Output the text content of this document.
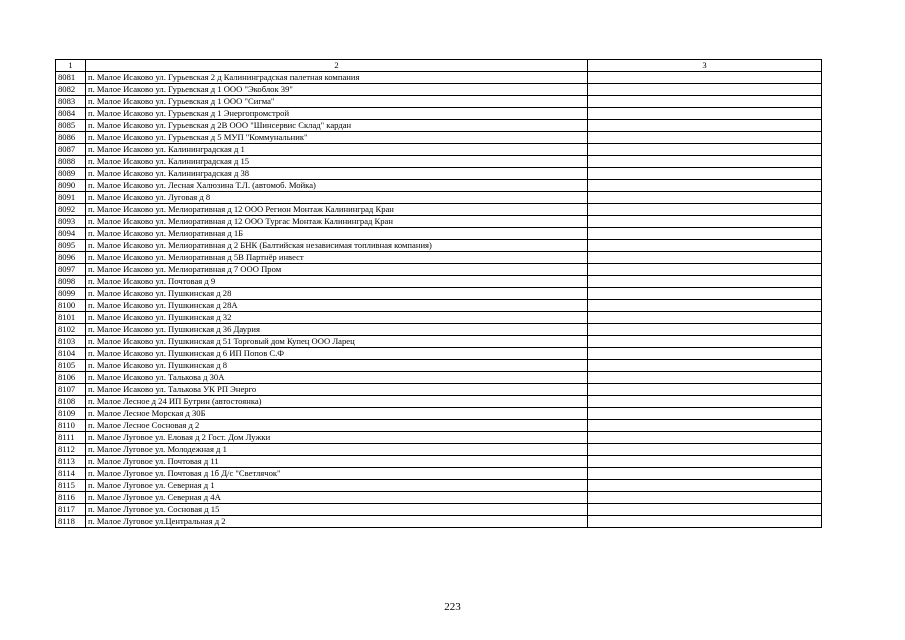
1	2	3
8081	п. Малое Исаково ул. Гурьевская 2 д Калининградская палетная компания	
8082	п. Малое Исаково ул. Гурьевская д 1 ООО "Экоблок 39"	
8083	п. Малое Исаково ул. Гурьевская д 1 ООО "Сигма"	
8084	п. Малое Исаково ул. Гурьевская д 1 Энергопромстрой	
8085	п. Малое Исаково ул. Гурьевская д 2В ООО "Шинсервис Склад" кардан	
8086	п. Малое Исаково ул. Гурьевская д 5 МУП "Коммунальник"	
8087	п. Малое Исаково ул. Калининградская д 1	
8088	п. Малое Исаково ул. Калининградская д 15	
8089	п. Малое Исаково ул. Калининградская д 38	
8090	п. Малое Исаково ул. Лесная Халюзина Т.Л. (автомоб. Мойка)	
8091	п. Малое Исаково ул. Луговая д 8	
8092	п. Малое Исаково ул. Мелиоративная д 12 ООО Регион Монтаж Калининград Кран	
8093	п. Малое Исаково ул. Мелиоративная д 12 ООО Тургас Монтаж Калининград Кран	
8094	п. Малое Исаково ул. Мелиоративная д 1Б	
8095	п. Малое Исаково ул. Мелиоративная д 2 БНК (Балтийская независимая топливная компания)	
8096	п. Малое Исаково ул. Мелиоративная д 5В Партнёр инвест	
8097	п. Малое Исаково ул. Мелиоративная д 7 ООО Пром	
8098	п. Малое Исаково ул. Почтовая д 9	
8099	п. Малое Исаково ул. Пушкинская д 28	
8100	п. Малое Исаково ул. Пушкинская д 28А	
8101	п. Малое Исаково ул. Пушкинская д 32	
8102	п. Малое Исаково ул. Пушкинская д 36 Даурия	
8103	п. Малое Исаково ул. Пушкинская д 51 Торговый дом Купец ООО Ларец	
8104	п. Малое Исаково ул. Пушкинская д 6 ИП Попов С.Ф	
8105	п. Малое Исаково ул. Пушкинская д 8	
8106	п. Малое Исаково ул. Талькова д 30А	
8107	п. Малое Исаково ул. Талькова УК РП Энерго	
8108	п. Малое Лесное д 24 ИП Бутрин (автостоянка)	
8109	п. Малое Лесное Морская д 30Б	
8110	п. Малое Лесное Сосновая д 2	
8111	п. Малое Луговое ул. Еловая д 2 Гост. Дом Лужки	
8112	п. Малое Луговое ул. Молодежная д 1	
8113	п. Малое Луговое ул. Почтовая д 11	
8114	п. Малое Луговое ул. Почтовая д 1б Д/с "Светлячок"	
8115	п. Малое Луговое ул. Северная д 1	
8116	п. Малое Луговое ул. Северная д 4А	
8117	п. Малое Луговое ул. Сосновая д 15	
8118	п. Малое Луговое ул.Центральная д 2	
223
